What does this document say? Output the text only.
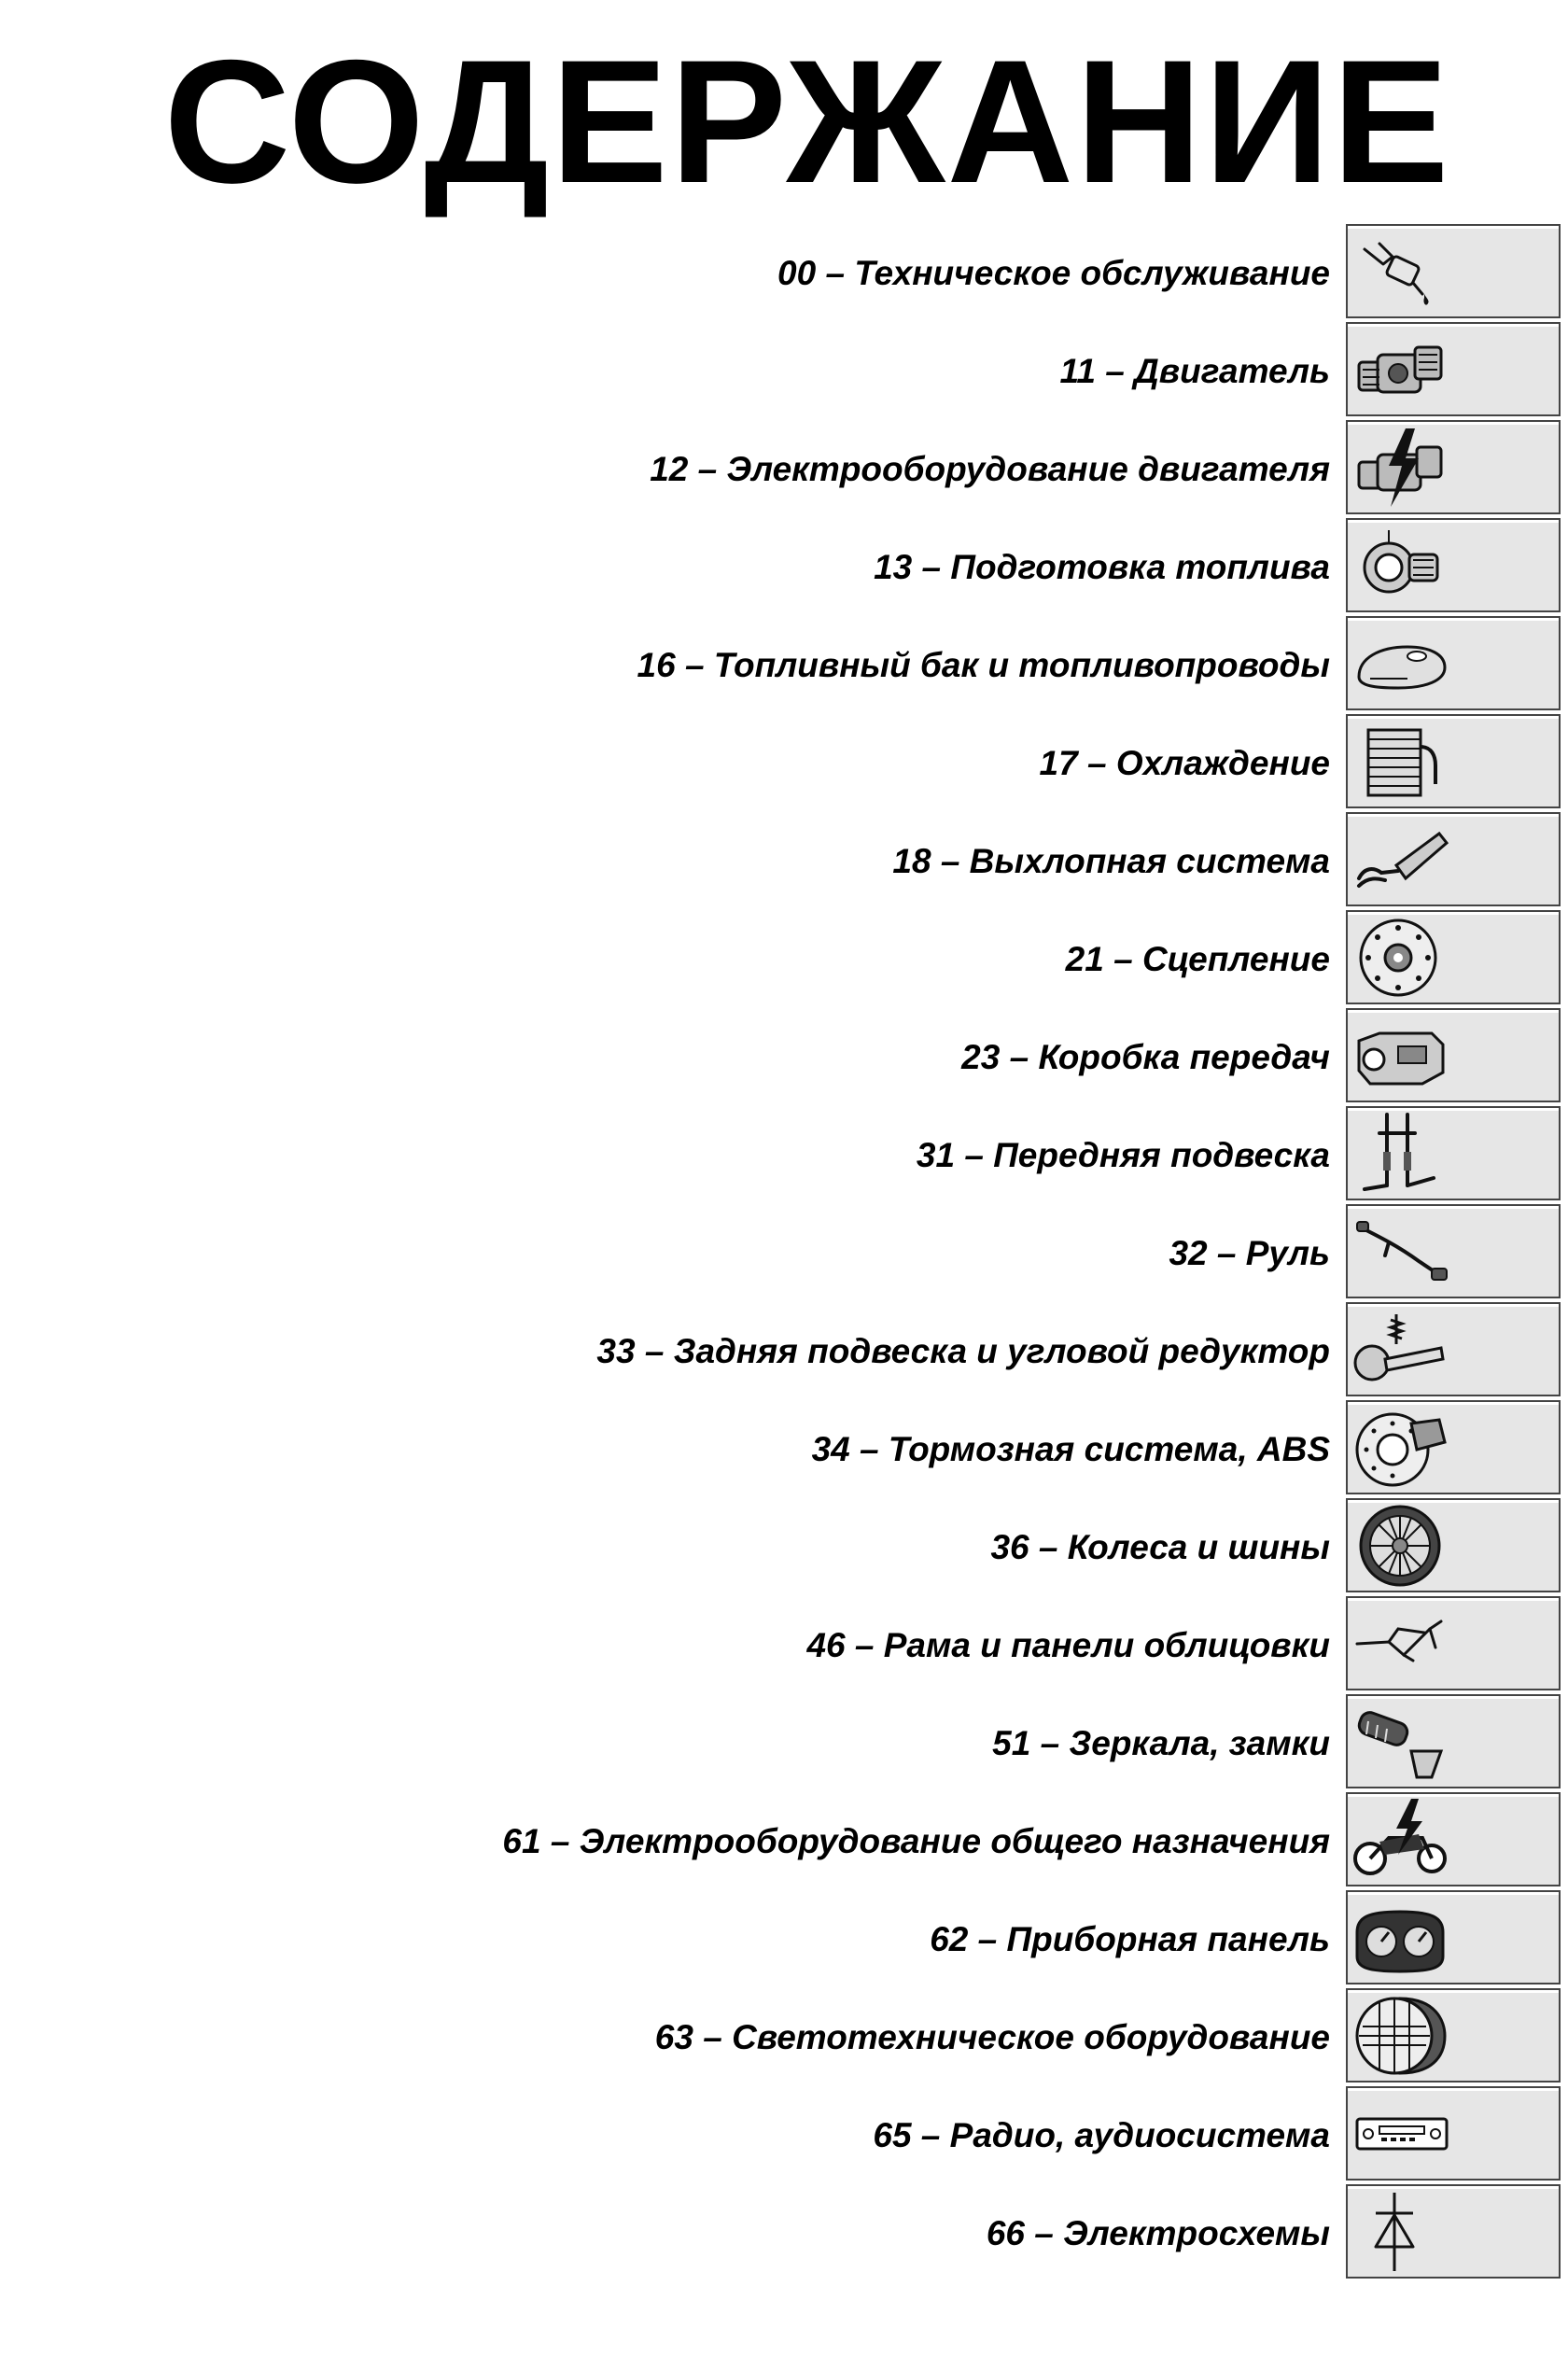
СОДЕРЖАНИЕ
00 – Техническое обслуживание
11 – Двигатель
12 – Электрооборудование двигателя
13 – Подготовка топлива
16 – Топливный бак и топливопроводы
17 – Охлаждение
18 – Выхлопная система
21 – Сцепление
23 – Коробка передач
31 – Передняя подвеска
32 – Руль
33 – Задняя подвеска и угловой редуктор
34 – Тормозная система, ABS
36 – Колеса и шины
46 – Рама и панели облицовки
51 – Зеркала, замки
61 – Электрооборудование общего назначения
62 – Приборная панель
63 – Светотехническое оборудование
65 – Радио, аудиосистема
66 – Электросхемы
